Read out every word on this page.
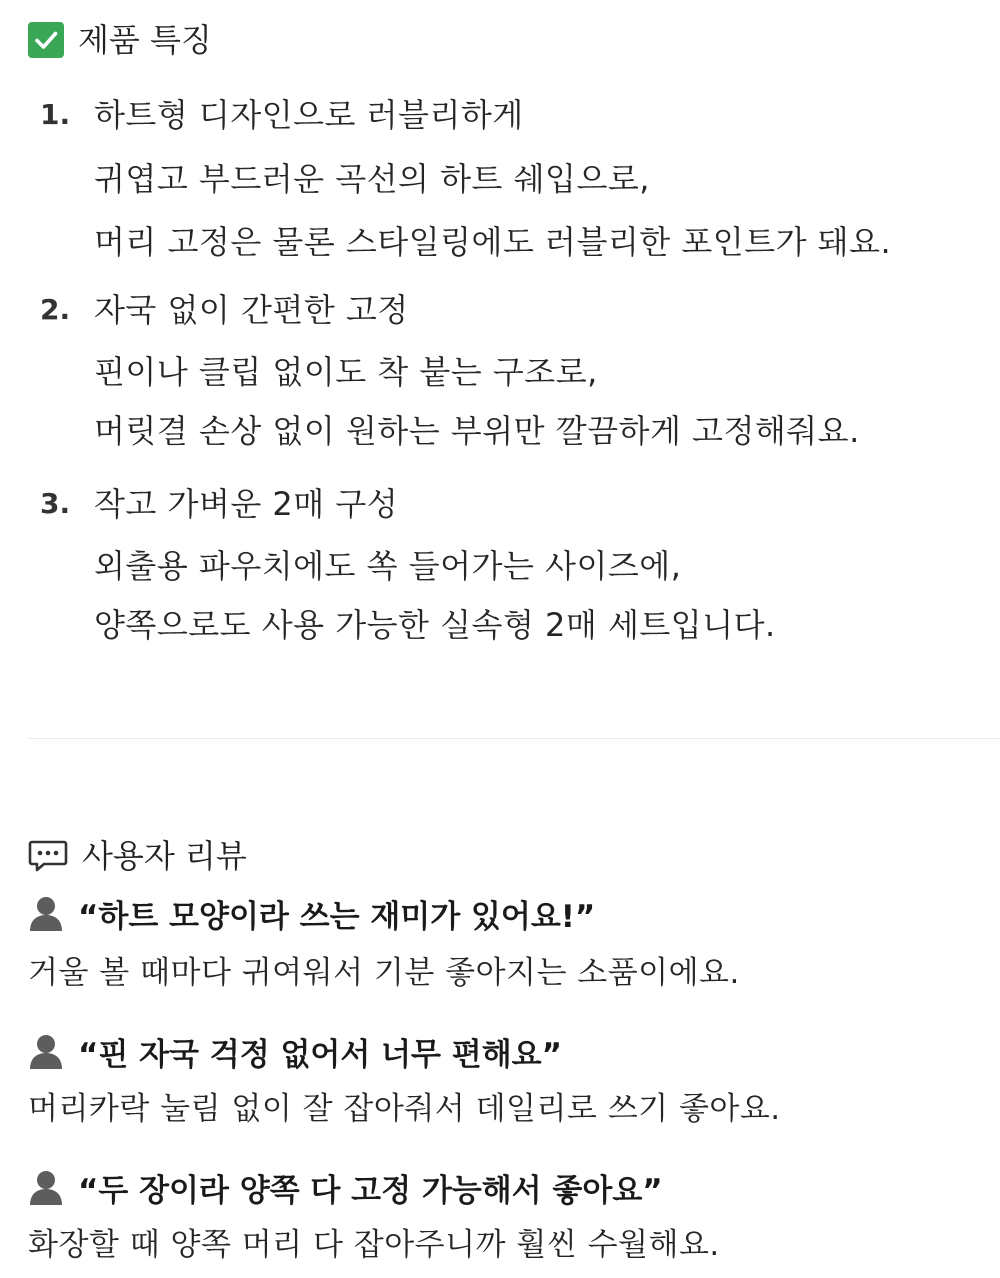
제품 특징
1. 하트형 디자인으로 러블리하게
귀엽고 부드러운 곡선의 하트 쉐입으로,
머리 고정은 물론 스타일링에도 러블리한 포인트가 돼요.
2. 자국 없이 간편한 고정
핀이나 클립 없이도 착 붙는 구조로,
머릿결 손상 없이 원하는 부위만 깔끔하게 고정해줘요.
3. 작고 가벼운 2매 구성
외출용 파우치에도 쏙 들어가는 사이즈에,
양쪽으로도 사용 가능한 실속형 2매 세트입니다.
사용자 리뷰
“하트 모양이라 쓰는 재미가 있어요!”
거울 볼 때마다 귀여워서 기분 좋아지는 소품이에요.
“핀 자국 걱정 없어서 너무 편해요”
머리카락 눌림 없이 잘 잡아줘서 데일리로 쓰기 좋아요.
“두 장이라 양쪽 다 고정 가능해서 좋아요”
화장할 때 양쪽 머리 다 잡아주니까 훨씬 수월해요.
